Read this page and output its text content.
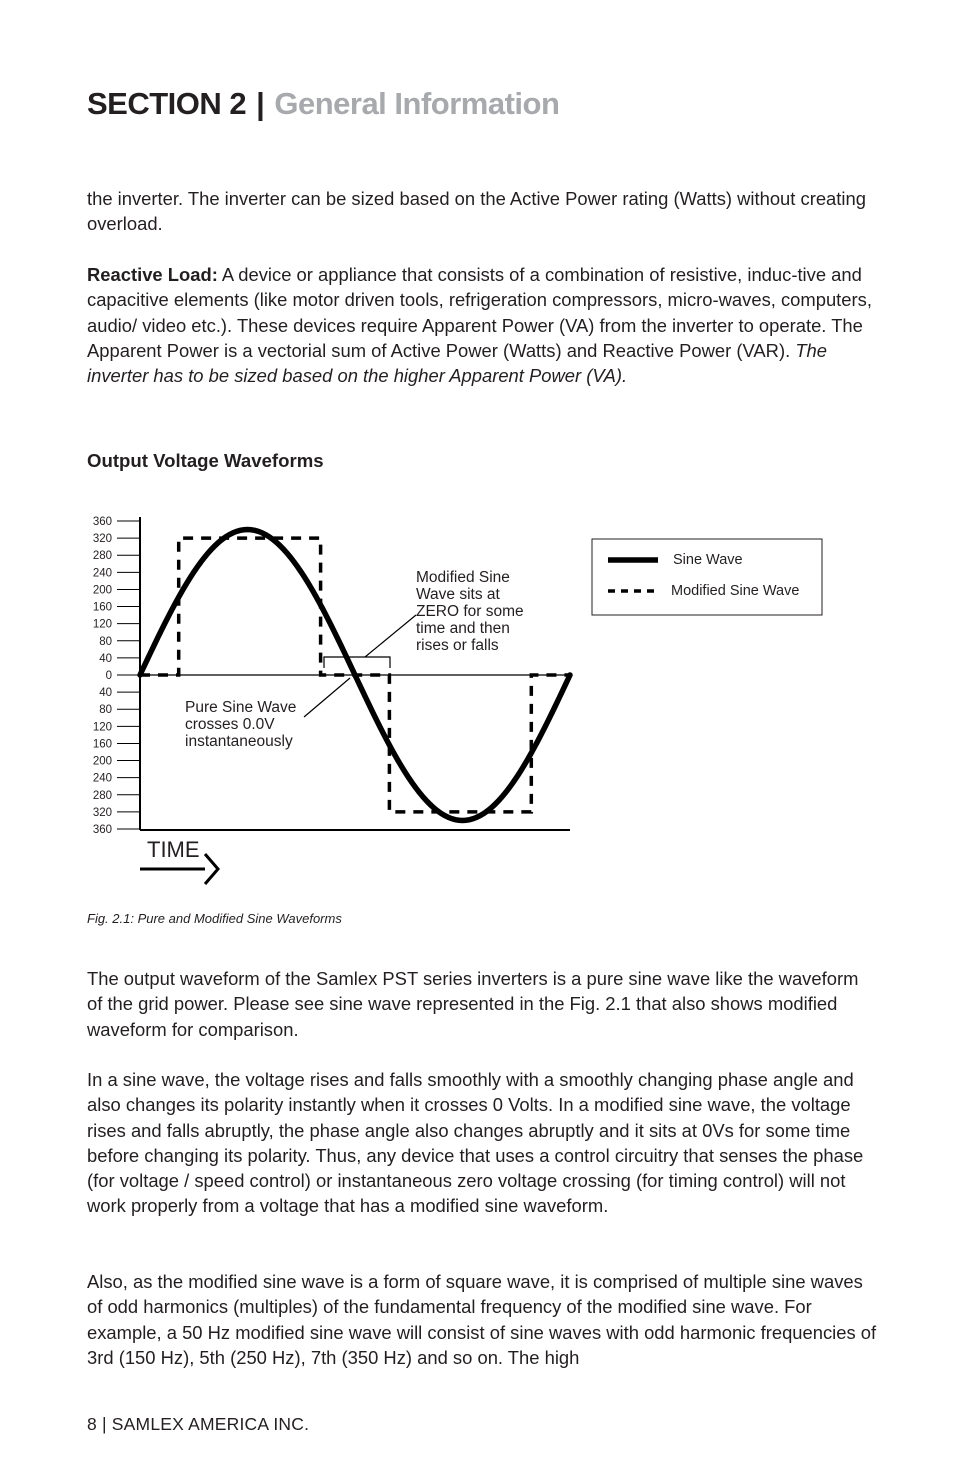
SECTION 2 | General Information

the inverter. The inverter can be sized based on the Active Power rating (Watts) without creating overload.

Reactive Load: A device or appliance that consists of a combination of resistive, induc-tive and capacitive elements (like motor driven tools, refrigeration compressors, micro-waves, computers, audio/ video etc.). These devices require Apparent Power (VA) from the inverter to operate. The Apparent Power is a vectorial sum of Active Power (Watts) and Reactive Power (VAR). The inverter has to be sized based on the higher Apparent Power (VA).

Output Voltage Waveforms
360
320
280
240
200
160
120
80
40
0
40
80
120
160
200
240
280
320
360
Modified Sine
Wave sits at
ZERO for some
time and then
rises or falls
Pure Sine Wave
crosses 0.0V
instantaneously
TIME
Sine Wave
Modified Sine Wave
Fig. 2.1: Pure and Modified Sine Waveforms

The output waveform of the Samlex PST series inverters is a pure sine wave like the waveform of the grid power. Please see sine wave represented in the Fig. 2.1 that also shows modified waveform for comparison.

In a sine wave, the voltage rises and falls smoothly with a smoothly changing phase angle and also changes its polarity instantly when it crosses 0 Volts. In a modified sine wave, the voltage rises and falls abruptly, the phase angle also changes abruptly and it sits at 0Vs for some time before changing its polarity. Thus, any device that uses a control circuitry that senses the phase (for voltage / speed control) or instantaneous zero voltage crossing (for timing control) will not work properly from a voltage that has a modified sine waveform.

Also, as the modified sine wave is a form of square wave, it is comprised of multiple sine waves of odd harmonics (multiples) of the fundamental frequency of the modified sine wave. For example, a 50 Hz modified sine wave will consist of sine waves with odd harmonic frequencies of 3rd (150 Hz), 5th (250 Hz), 7th (350 Hz) and so on. The high

8 | SAMLEX AMERICA INC.
